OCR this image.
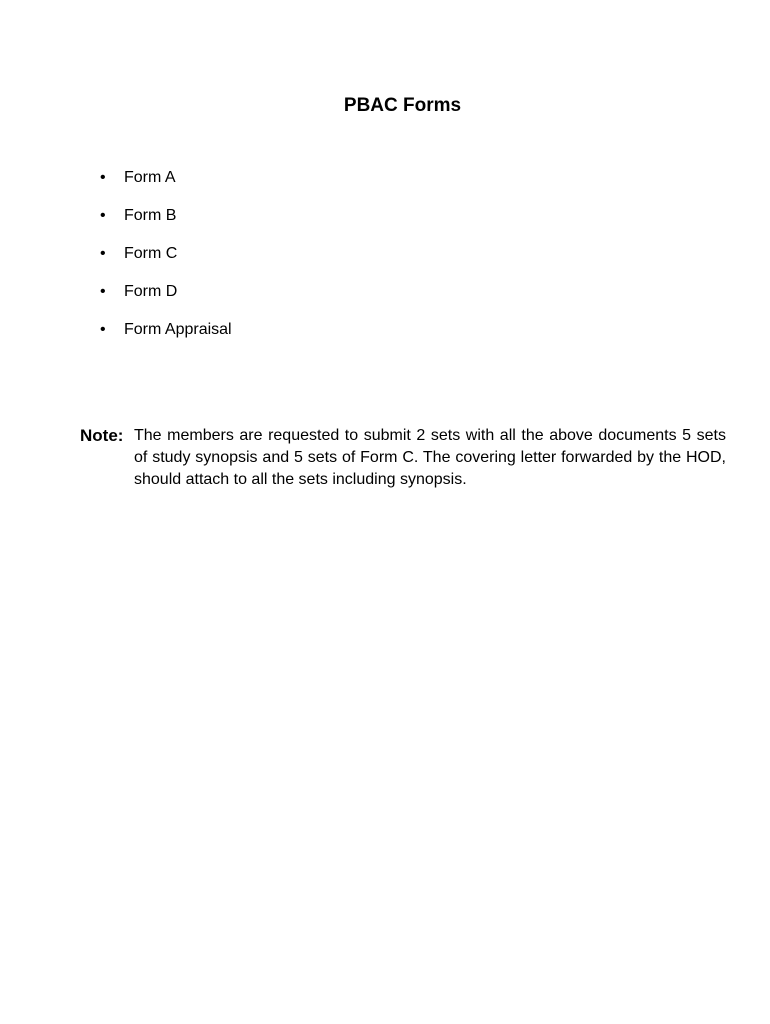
PBAC Forms
•	Form A
•	Form B
•	Form C
•	Form D
•	Form Appraisal
Note: The members are requested to submit 2 sets with all the above documents 5 sets of study synopsis and 5 sets of Form C. The covering letter forwarded by the HOD, should attach to all the sets including synopsis.
